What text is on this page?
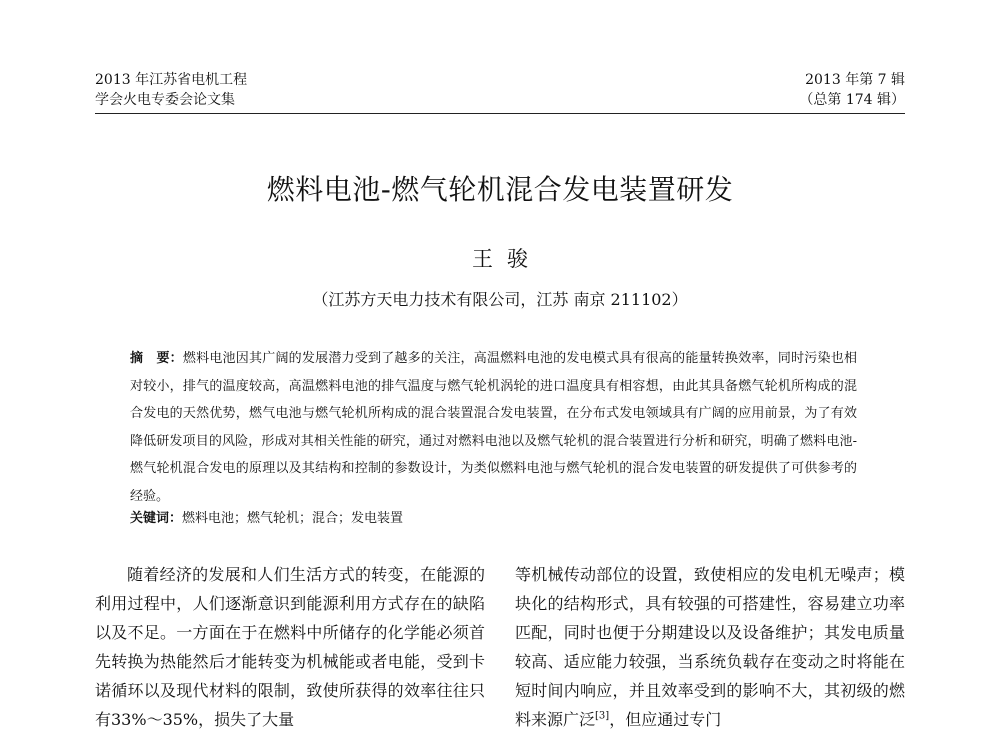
2013 年江苏省电机工程
学会火电专委会论文集
2013 年第 7 辑
（总第 174 辑）
燃料电池-燃气轮机混合发电装置研发
王骏
（江苏方天电力技术有限公司，江苏 南京 211102）
摘　要：燃料电池因其广阔的发展潜力受到了越多的关注，高温燃料电池的发电模式具有很高的能量转换效率，同时污染也相对较小，排气的温度较高，高温燃料电池的排气温度与燃气轮机涡轮的进口温度具有相容想，由此其具备燃气轮机所构成的混合发电的天然优势，燃气电池与燃气轮机所构成的混合装置混合发电装置，在分布式发电领域具有广阔的应用前景，为了有效降低研发项目的风险，形成对其相关性能的研究，通过对燃料电池以及燃气轮机的混合装置进行分析和研究，明确了燃料电池-燃气轮机混合发电的原理以及其结构和控制的参数设计，为类似燃料电池与燃气轮机的混合发电装置的研发提供了可供参考的经验。
关键词：燃料电池；燃气轮机；混合；发电装置
随着经济的发展和人们生活方式的转变，在能源的利用过程中，人们逐渐意识到能源利用方式存在的缺陷以及不足。一方面在于在燃料中所储存的化学能必须首先转换为热能然后才能转变为机械能或者电能，受到卡诺循环以及现代材料的限制，致使所获得的效率往往只有33%～35%，损失了大量
等机械传动部位的设置，致使相应的发电机无噪声；模块化的结构形式，具有较强的可搭建性，容易建立功率匹配，同时也便于分期建设以及设备维护；其发电质量较高、适应能力较强，当系统负载存在变动之时将能在短时间内响应，并且效率受到的影响不大，其初级的燃料来源广泛[3]，但应通过专门
